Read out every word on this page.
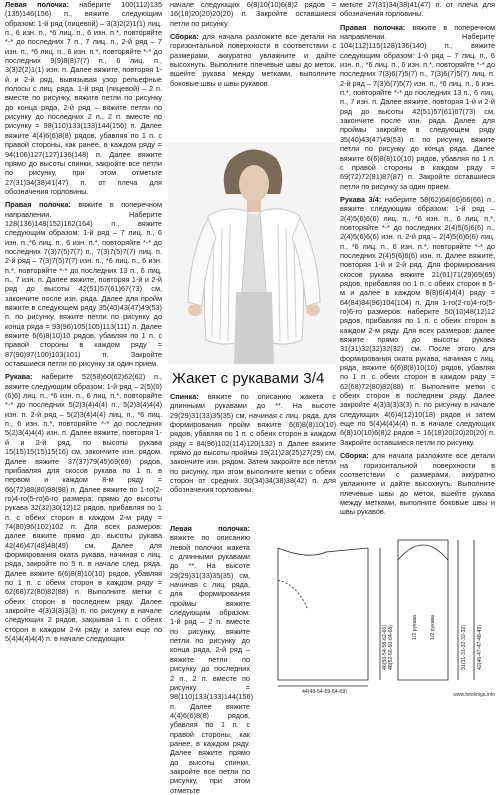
Левая полочка: наберите 100(112)135 (135)146(156) п., вяжите следующим образом: 1-й ряд (лицевой) – 3(3)2(2)1(1) лиц. п., 6 изн. п., *6 лиц. п., 6 изн. п.*, повторяйте *-* до последних 7 п., 7 лиц. п., 2-й ряд – 7 изн. п., *6 лиц. п., 6 изн. п.*, повторяйте *-* до последних 9(9)8(8)7(7) п., 6 лиц. п., 3(3)2(2)1(1) изн. п. Далее вяжите, повторяя 1-й и 2-й ряд, вывязывая узор рельефные полосы с лиц. ряда. 1-й ряд (лицевой) – 2 п. вместе по рисунку, вяжите петли по рисунку до конца ряда, 2-й ряд – вяжите петли по рисунку до последних 2 п., 2 п. вместе по рисунку = 98(110)133(133)144(156) п. Далее вяжите 4(4)6(6)8(8) рядов, убавляя по 1 п. с правой стороны, как ранее, в каждом ряду = 94(106)127(127)136(148) п. Далее вяжите прямо до высоты спинки, закройте все петли по рисунку, при этом отметьте 27(31)34(38)41(47) п. от плеча для обозначения горловины.

Правая полочка: вяжите в поперечном направлении. Наберите 128(136)148(152)162(164) п., вяжите следующим образом: 1-й ряд – 7 лиц. п., 6 изн. п.,*6 лиц. п., 6 изн. п.*, повторяйте *-* до последних 7(3)7(5)7(7) п., 7(3)7(5)7(7) лиц. п. 2-й ряд – 7(3)7(5)7(7) изн. п., *6 лиц. п., 6 изн. п.*, повторяйте *-* до последних 13 п., 6 лиц. п., 7 изн. п. Далее вяжите, повторяя 1-й и 2-й ряд до высоты 42(51)57(61)67(73) см, закончите после изн. ряда. Далее для пройм вяжите в следующем ряду 35(40)43(47)49(53) п. по рисунку, вяжите петли по рисунку до конца ряда = 93(96)105(105)113(111) п. Далее вяжите 6(6)8(10)10 рядов, убавляя по 1 п. с правой стороны в каждом ряду = 87(90)97(100)103(101) п. Закройте оставшиеся петли по рисунку за один прием.

Рукава: наберите 52(58)60(62)62(62) п., вяжите следующим образом: 1-й ряд – 2(5)(0)(6)6) лиц. п., *6 изн. п., 6 лиц. п.*, повторяйте *-* до последних 5(2)3(4)4(4) п., 5(2)3(4)4(4) изн. п. 2-й ряд – 5(2)3(4)4(4) лиц. п., *6 лиц. п., 6 изн. п.*, повторяйте *-* до последних 5(2)3(4)4(4) изн. п. Далее вяжите, повторяя 1-й и 2-й ряд, по высоты рукава 15(15)15(15)15(16) см, закончите изн. рядом. Далее вяжите 37(37)79(45)69(69) рядов, прибавляя для скосов рукава по 1 п. в первом и каждом 8-м ряду = 66(72)88(86)98(98) п. Далее вяжите по 1-го(2-го)4-го(5-го)6-го размера: прямо до высоты рукава 32(32)30(12)12 рядов, прибавляя по 1 п. с обеих сторон в каждом 2-м ряду = 74(80)96(102)102 п. Для всех размеров: далее вяжите прямо до высоты рукава 42(46)47(48)48(49) см. Далее для формирования оката рукава, начиная с лиц. ряда, закройте по 5 п. в начале след. ряда. Далее вяжите 6(6)8(8)10(10) рядов, убавляя по 1 п. с обеих сторон в каждом ряду = 62(68)72(80)82(88) п. Выполните метки с обеих сторон в последнем ряду. Далее закройте 4(3)3(3)3(3) п. по рисунку в начале следующих 2 рядов, закрывая 1 п. с обеих сторон в каждом 2-м ряду и затем еще по 5(4)4(4)4(4) п. в начале следующих

начале следующих 6(8)10(10)6(8)2 рядов = 16(18)20(20)20(20) п. Закройте оставшиеся петли по рисунку.

Сборка: для начала разложите все детали на горизонтальной поверхности в соответствии с размерами, аккуратно увлажните и дайте высохнуть. Выполните плечевые швы до меток, вшейте рукава между метками, выполните боковые швы и швы рукавов.

Жакет с рукавами 3/4

Спинка: вяжите по описанию жакета с длинными рукавами до **. На высоте 29(29)31(33)35(35) см, начиная с лиц. ряда, для формирования пройм вяжите 6(6)8(8)10(10) рядов, убавляя по 1 п. с обеих сторон в каждом ряду = 84(96)102(114)120(132) п. Далее вяжите прямо до высоты проймы 19(21)23(25)27(29) см, закончите изн. рядом. Затем закройте все петли по рисунку, при этом выполните метки с обеих сторон от средних 30(34)34(38)38(42) п. для обозначения горловины.

Левая полочка: вяжите по описанию левой полочки жакета с длинными рукавами до **. На высоте 29(29)31(33)35(35) см, начиная с лиц. ряда, для формирования проймы вяжите следующим образом: 1-й ряд – 2 п. вместе по рисунку, вяжите петли по рисунку до конца ряда, 2-й ряд – вяжите петли по рисунку до последних 2 п., 2 п. вместе по рисунку = 98(110)133(133)144(156) п. Далее вяжите 4(4)6(6)8(8) рядов, убавляя по 1 п. с правой стороны, как ранее, в каждом ряду. Далее вяжите прямо до высоты спинки, закройте все петли по рисунку, при этом отметьте

метьте 27(31)34(38)41(47) п. от плеча для обозначения горловины.

Правая полочка: вяжите в поперечном направлении. Наберите 104(112)115(128)136(140) п., вяжите следующим образом: 1-й ряд – 7 лиц. п., 6 изн. п., *6 лиц. п., 6 изн. п.*, повторяйте *-* до последних 7(3)6(7)5(7) п., 7(3)6(7)5(7) лиц. п. 2-й ряд – 7(3)6(7)5(7) изн. п., *6 лиц. п., 6 изн. п.*, повторяйте *-* до последних 13 п., 6 лиц. п., 7 изн. п. Далее вяжите, повторяя 1-й и 2-й ряд до высоты 42(51)57(61)67(73) см, закончите после изн. ряда. Далее для проймы закройте в следующем ряду 35(40)43(47)49(53) п. по рисунку, вяжите петли по рисунку до конца ряда. Далее вяжите 6(6)8(8)10(10) рядов, убавляя по 1 п. с правой стороны в каждом ряду = 69(72)72(81)87(87) п. Закройте оставшиеся петли по рисунку за один прием.

Рукава 3/4: наберите 58(62)64(66)66(66) п., вяжите следующим образом: 1-й ряд – 2(4)5(6)6(6) лиц. п., *6 изн. п., 6 лиц. п.*, повторяйте *-* до последних 2(4)5(6)6(6) п., 2(4)5(6)6(6) изн. п. 2-й ряд – 2(4)5(6)6(6) лиц. п., *6 лиц. п., 6 изн. п.*, повторяйте *-* до последних 2(4)5(6)6(6) изн. п. Далее вяжите, повторяя 1-й и 2-й ряд. Для формирования скосов рукава вяжите 21(61)71(29)65(65) рядов, прибавляя по 1 п. с обеих сторон в 5-м и далее в каждом 8(8)6(4)4(4) ряду = 64(84)84(96)104(104) п. Для 1-го(2-го)4-го(5-го)6-го размеров: наберите 50(10)48(12)12 рядов, прибавляя по 1 п. с обеих сторон в каждом 2-м ряду. Для всех размеров: далее вяжите прямо до высоты рукава 31(31)32(32)32(32) см. После этого для формирования оката рукава, начиная с лиц. ряда, вяжите 6(6)8(8)10(10) рядов, убавляя по 1 п. с обеих сторон в каждом ряду = 62(68)72(80)82(88) п. Выполните метки с обеих сторон в последнем ряду. Далее закройте 4(3)3(3)3(3) п. по рисунку в начале следующих 4(6)4(12)10(18) рядов и затем еще по 5(4)4(4)4(4) п. в начале следующих 6(8)10(10)6(8)2 рядов = 16(18)20(20)20(20) п. Закройте оставшиеся петли по рисунку.

Сборка: для начала разложите все детали на горизонтальной поверхности в соответствии с размерами, аккуратно увлажните и дайте высохнуть. Выполните плечевые швы до меток, вшейте рукава между метками, выполните боковые швы и швы рукавов.

44(49-54-59-64-69)
46(50-54-58-62-66) 48(52-56-60-64-68)	1/2 рукава 1/2 рукава	31(31-31-32-32-32) 42(46-47-47-48-49)
www.fotokniga.info
